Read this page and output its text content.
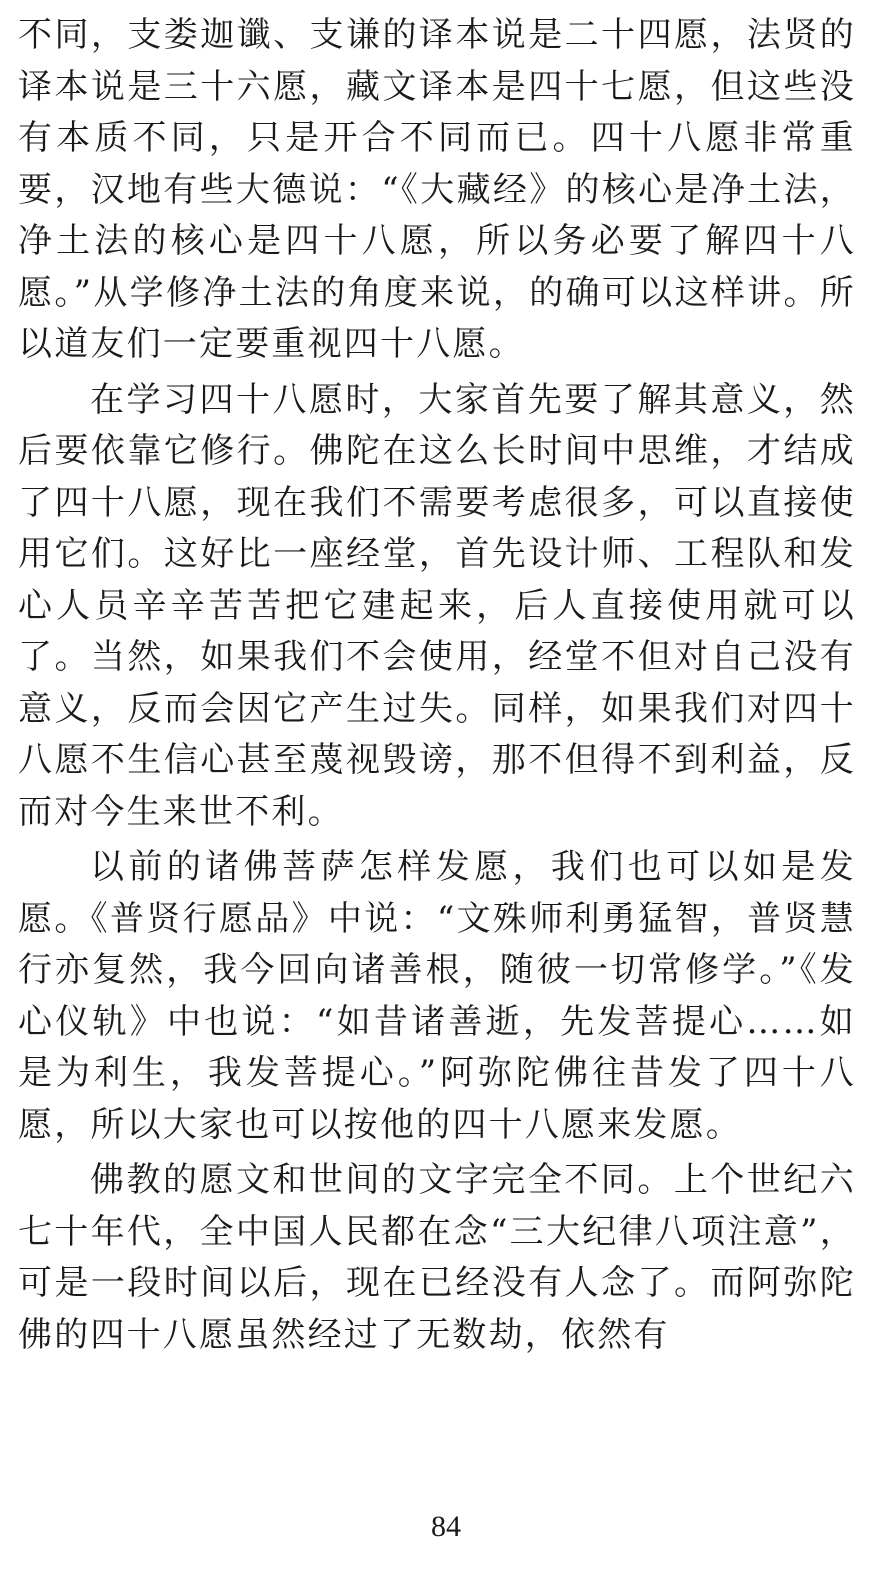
不同，支娄迦谶、支谦的译本说是二十四愿，法贤的译本说是三十六愿，藏文译本是四十七愿，但这些没有本质不同，只是开合不同而已。四十八愿非常重要，汉地有些大德说：“《大藏经》的核心是净土法，净土法的核心是四十八愿，所以务必要了解四十八愿。”从学修净土法的角度来说，的确可以这样讲。所以道友们一定要重视四十八愿。

在学习四十八愿时，大家首先要了解其意义，然后要依靠它修行。佛陀在这么长时间中思维，才结成了四十八愿，现在我们不需要考虑很多，可以直接使用它们。这好比一座经堂，首先设计师、工程队和发心人员辛辛苦苦把它建起来，后人直接使用就可以了。当然，如果我们不会使用，经堂不但对自己没有意义，反而会因它产生过失。同样，如果我们对四十八愿不生信心甚至蔑视毁谤，那不但得不到利益，反而对今生来世不利。

以前的诸佛菩萨怎样发愿，我们也可以如是发愿。《普贤行愿品》中说：“文殊师利勇猛智，普贤慧行亦复然，我今回向诸善根，随彼一切常修学。”《发心仪轨》中也说：“如昔诸善逝，先发菩提心……如是为利生，我发菩提心。”阿弥陀佛往昔发了四十八愿，所以大家也可以按他的四十八愿来发愿。

佛教的愿文和世间的文字完全不同。上个世纪六七十年代，全中国人民都在念“三大纪律八项注意”，可是一段时间以后，现在已经没有人念了。而阿弥陀佛的四十八愿虽然经过了无数劫，依然有

84
